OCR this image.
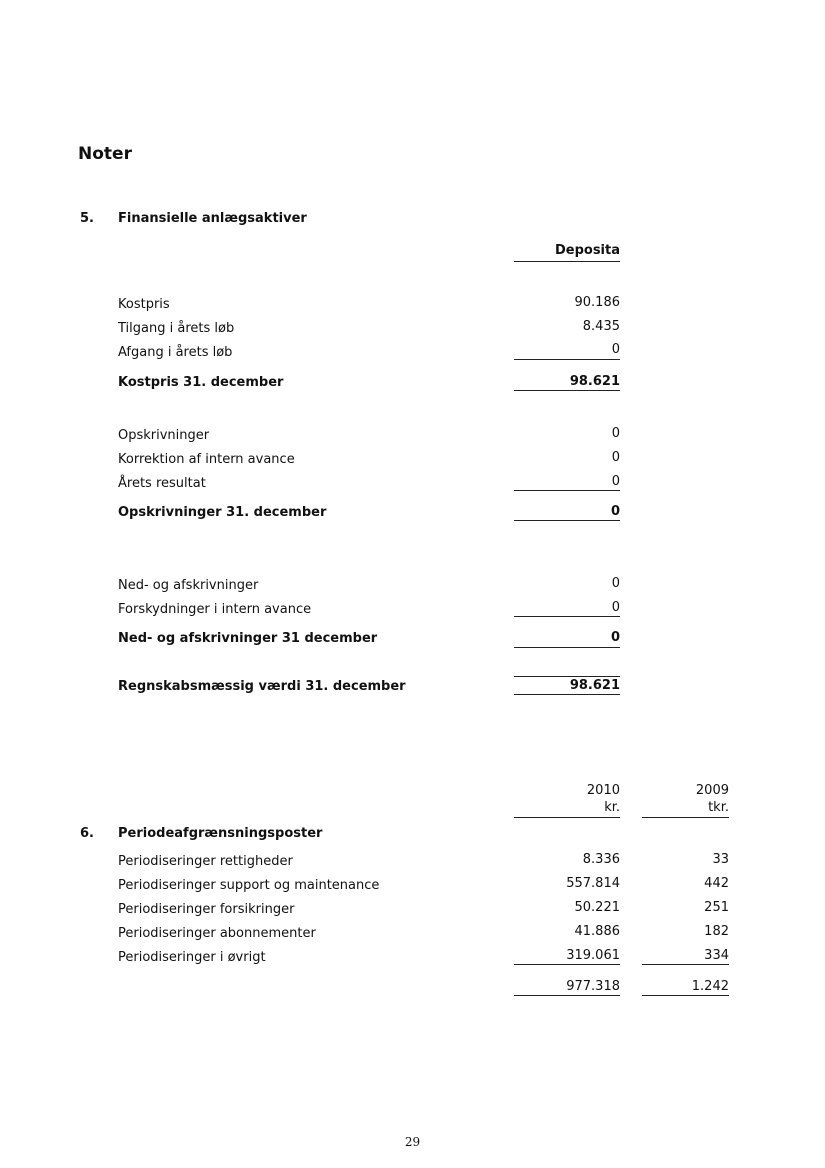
Noter
5. Finansielle anlægsaktiver
Deposita
Kostpris	90.186
Tilgang i årets løb	8.435
Afgang i årets løb	0
Kostpris 31. december	98.621
Opskrivninger	0
Korrektion af intern avance	0
Årets resultat	0
Opskrivninger 31. december	0
Ned- og afskrivninger	0
Forskydninger i intern avance	0
Ned- og afskrivninger 31 december	0
Regnskabsmæssig værdi 31. december	98.621
2010
kr.
2009
tkr.
6. Periodeafgrænsningsposter
Periodiseringer rettigheder	8.336	33
Periodiseringer support og maintenance	557.814	442
Periodiseringer forsikringer	50.221	251
Periodiseringer abonnementer	41.886	182
Periodiseringer i øvrigt	319.061	334
977.318	1.242
29
